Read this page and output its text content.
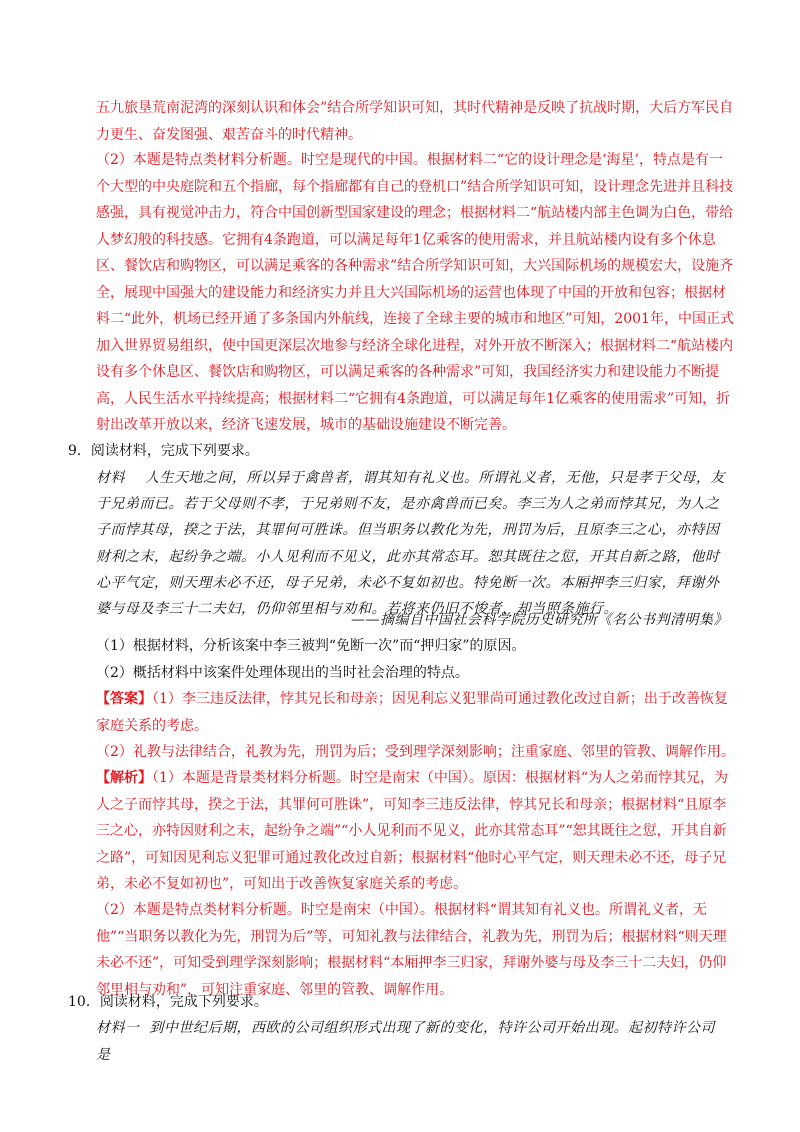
五九旅垦荒南泥湾的深刻认识和体会”结合所学知识可知，其时代精神是反映了抗战时期，大后方军民自力更生、奋发图强、艰苦奋斗的时代精神。
（2）本题是特点类材料分析题。时空是现代的中国。根据材料二“它的设计理念是‘海星’，特点是有一个大型的中央庭院和五个指廊，每个指廊都有自己的登机口”结合所学知识可知，设计理念先进并且科技感强，具有视觉冲击力，符合中国创新型国家建设的理念；根据材料二“航站楼内部主色调为白色，带给人梦幻般的科技感。它拥有4条跑道，可以满足每年1亿乘客的使用需求，并且航站楼内设有多个休息区、餐饮店和购物区，可以满足乘客的各种需求”结合所学知识可知，大兴国际机场的规模宏大，设施齐全，展现中国强大的建设能力和经济实力并且大兴国际机场的运营也体现了中国的开放和包容；根据材料二“此外，机场已经开通了多条国内外航线，连接了全球主要的城市和地区”可知，2001年，中国正式加入世界贸易组织，使中国更深层次地参与经济全球化进程，对外开放不断深入；根据材料二“航站楼内设有多个休息区、餐饮店和购物区，可以满足乘客的各种需求”可知，我国经济实力和建设能力不断提高，人民生活水平持续提高；根据材料二“它拥有4条跑道，可以满足每年1亿乘客的使用需求”可知，折射出改革开放以来，经济飞速发展，城市的基础设施建设不断完善。
9．阅读材料，完成下列要求。
材料 人生天地之间，所以异于禽兽者，谓其知有礼义也。所谓礼义者，无他，只是孝于父母，友于兄弟而已。若于父母则不孝，于兄弟则不友，是亦禽兽而已矣。李三为人之弟而悖其兄，为人之子而悖其母，揆之于法，其罪何可胜诛。但当职务以教化为先，刑罚为后，且原李三之心，亦特因财利之末，起纷争之端。小人见利而不见义，此亦其常态耳。恕其既往之愆，开其自新之路，他时心平气定，则天理未必不还，母子兄弟，未必不复如初也。特免断一次。本厢押李三归家，拜谢外婆与母及李三十二夫妇，仍仰邻里相与劝和。若将来仍旧不悛者，却当照条施行。
——摘编自中国社会科学院历史研究所《名公书判清明集》
（1）根据材料，分析该案中李三被判“免断一次”而“押归家”的原因。
（2）概括材料中该案件处理体现出的当时社会治理的特点。
【答案】（1）李三违反法律，悖其兄长和母亲；因见利忘义犯罪尚可通过教化改过自新；出于改善恢复家庭关系的考虑。
（2）礼教与法律结合，礼教为先，刑罚为后；受到理学深刻影响；注重家庭、邻里的管教、调解作用。
【解析】（1）本题是背景类材料分析题。时空是南宋（中国）。原因：根据材料“为人之弟而悖其兄，为人之子而悖其母，揆之于法，其罪何可胜诛”，可知李三违反法律，悖其兄长和母亲；根据材料“且原李三之心，亦特因财利之末，起纷争之端”“小人见利而不见义，此亦其常态耳”“恕其既往之愆，开其自新之路”，可知因见利忘义犯罪可通过教化改过自新；根据材料“他时心平气定，则天理未必不还，母子兄弟，未必不复如初也”，可知出于改善恢复家庭关系的考虑。
（2）本题是特点类材料分析题。时空是南宋（中国）。根据材料“谓其知有礼义也。所谓礼义者，无他”“当职务以教化为先，刑罚为后”等，可知礼教与法律结合，礼教为先，刑罚为后；根据材料“则天理未必不还”，可知受到理学深刻影响；根据材料“本厢押李三归家，拜谢外婆与母及李三十二夫妇，仍仰邻里相与劝和”，可知注重家庭、邻里的管教、调解作用。
10．阅读材料，完成下列要求。
材料一 到中世纪后期，西欧的公司组织形式出现了新的变化，特许公司开始出现。起初特许公司是
